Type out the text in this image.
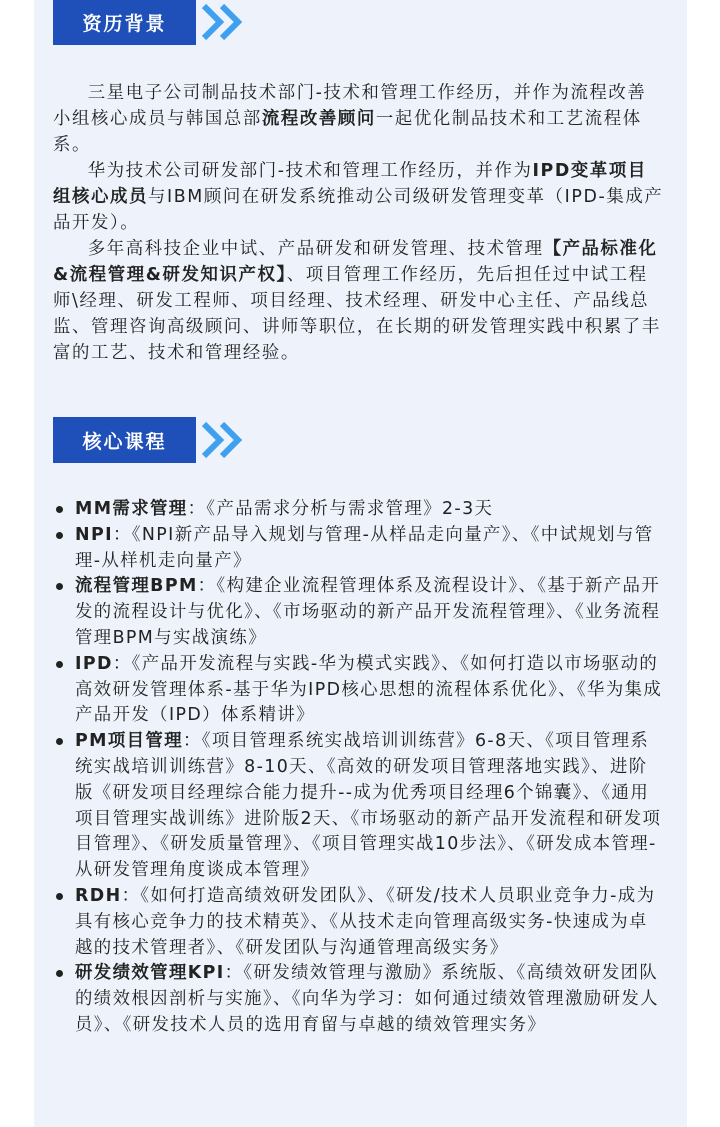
资历背景

三星电子公司制品技术部门-技术和管理工作经历，并作为流程改善小组核心成员与韩国总部流程改善顾问一起优化制品技术和工艺流程体系。

华为技术公司研发部门-技术和管理工作经历，并作为IPD变革项目组核心成员与IBM顾问在研发系统推动公司级研发管理变革（IPD-集成产品开发）。

多年高科技企业中试、产品研发和研发管理、技术管理【产品标准化&流程管理&研发知识产权】、项目管理工作经历，先后担任过中试工程师\经理、研发工程师、项目经理、技术经理、研发中心主任、产品线总监、管理咨询高级顾问、讲师等职位，在长期的研发管理实践中积累了丰富的工艺、技术和管理经验。

核心课程
MM需求管理：《产品需求分析与需求管理》2-3天
NPI：《NPI新产品导入规划与管理-从样品走向量产》、《中试规划与管理-从样机走向量产》
流程管理BPM：《构建企业流程管理体系及流程设计》、《基于新产品开发的流程设计与优化》、《市场驱动的新产品开发流程管理》、《业务流程管理BPM与实战演练》
IPD：《产品开发流程与实践-华为模式实践》、《如何打造以市场驱动的高效研发管理体系-基于华为IPD核心思想的流程体系优化》、《华为集成产品开发（IPD）体系精讲》
PM项目管理：《项目管理系统实战培训训练营》6-8天、《项目管理系统实战培训训练营》8-10天、《高效的研发项目管理落地实践》、进阶版《研发项目经理综合能力提升--成为优秀项目经理6个锦囊》、《通用项目管理实战训练》进阶版2天、《市场驱动的新产品开发流程和研发项目管理》、《研发质量管理》、《项目管理实战10步法》、《研发成本管理-从研发管理角度谈成本管理》
RDH：《如何打造高绩效研发团队》、《研发/技术人员职业竞争力-成为具有核心竞争力的技术精英》、《从技术走向管理高级实务-快速成为卓越的技术管理者》、《研发团队与沟通管理高级实务》
研发绩效管理KPI：《研发绩效管理与激励》系统版、《高绩效研发团队的绩效根因剖析与实施》、《向华为学习：如何通过绩效管理激励研发人员》、《研发技术人员的选用育留与卓越的绩效管理实务》
